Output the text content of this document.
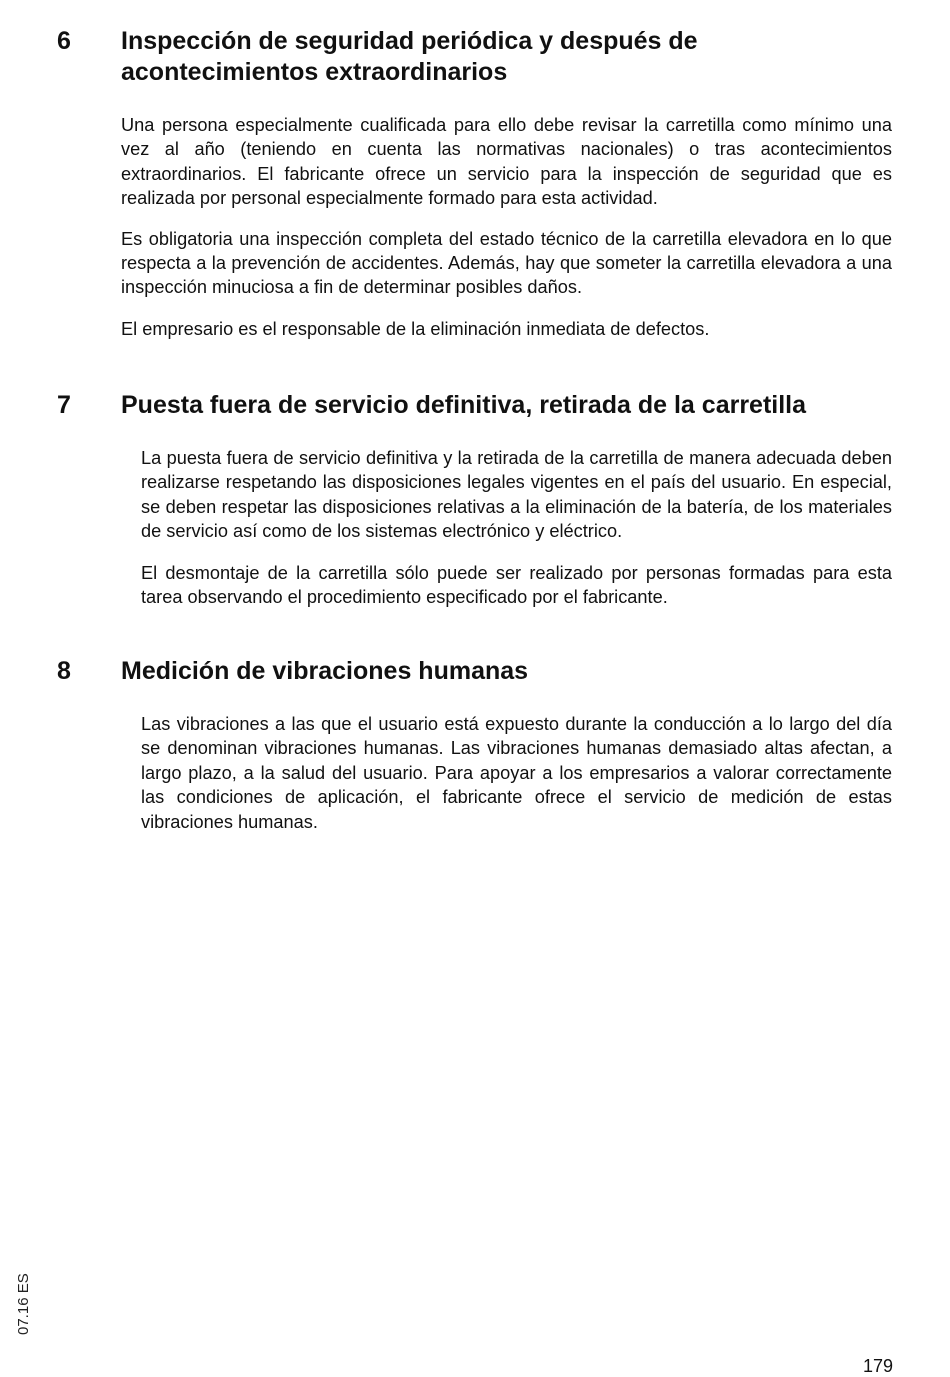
6 Inspección de seguridad periódica y después de
acontecimientos extraordinarios

Una persona especialmente cualificada para ello debe revisar la carretilla como mínimo una vez al año (teniendo en cuenta las normativas nacionales) o tras acontecimientos extraordinarios. El fabricante ofrece un servicio para la inspección de seguridad que es realizada por personal especialmente formado para esta actividad.

Es obligatoria una inspección completa del estado técnico de la carretilla elevadora en lo que respecta a la prevención de accidentes. Además, hay que someter la carretilla elevadora a una inspección minuciosa a fin de determinar posibles daños.

El empresario es el responsable de la eliminación inmediata de defectos.

7 Puesta fuera de servicio definitiva, retirada de la carretilla

La puesta fuera de servicio definitiva y la retirada de la carretilla de manera adecuada deben realizarse respetando las disposiciones legales vigentes en el país del usuario. En especial, se deben respetar las disposiciones relativas a la eliminación de la batería, de los materiales de servicio así como de los sistemas electrónico y eléctrico.

El desmontaje de la carretilla sólo puede ser realizado por personas formadas para esta tarea observando el procedimiento especificado por el fabricante.

8 Medición de vibraciones humanas

Las vibraciones a las que el usuario está expuesto durante la conducción a lo largo del día se denominan vibraciones humanas. Las vibraciones humanas demasiado altas afectan, a largo plazo, a la salud del usuario. Para apoyar a los empresarios a valorar correctamente las condiciones de aplicación, el fabricante ofrece el servicio de medición de estas vibraciones humanas.

07.16 ES
179
